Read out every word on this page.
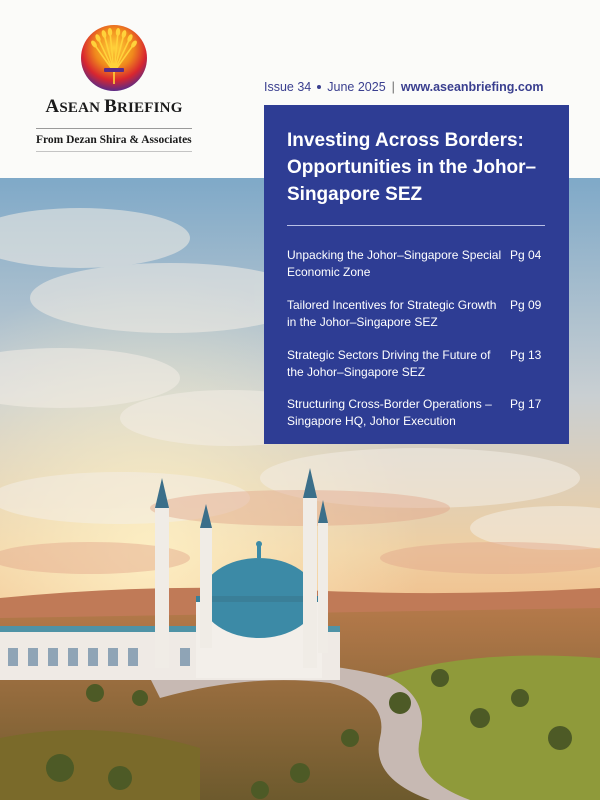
ASEAN BRIEFING
From Dezan Shira & Associates
Issue 34 June 2025 | www.aseanbriefing.com
Investing Across Borders: Opportunities in the Johor–Singapore SEZ
Unpacking the Johor–Singapore Special Economic Zone
Pg 04
Tailored Incentives for Strategic Growth in the Johor–Singapore SEZ
Pg 09
Strategic Sectors Driving the Future of the Johor–Singapore SEZ
Pg 13
Structuring Cross-Border Operations – Singapore HQ, Johor Execution
Pg 17
